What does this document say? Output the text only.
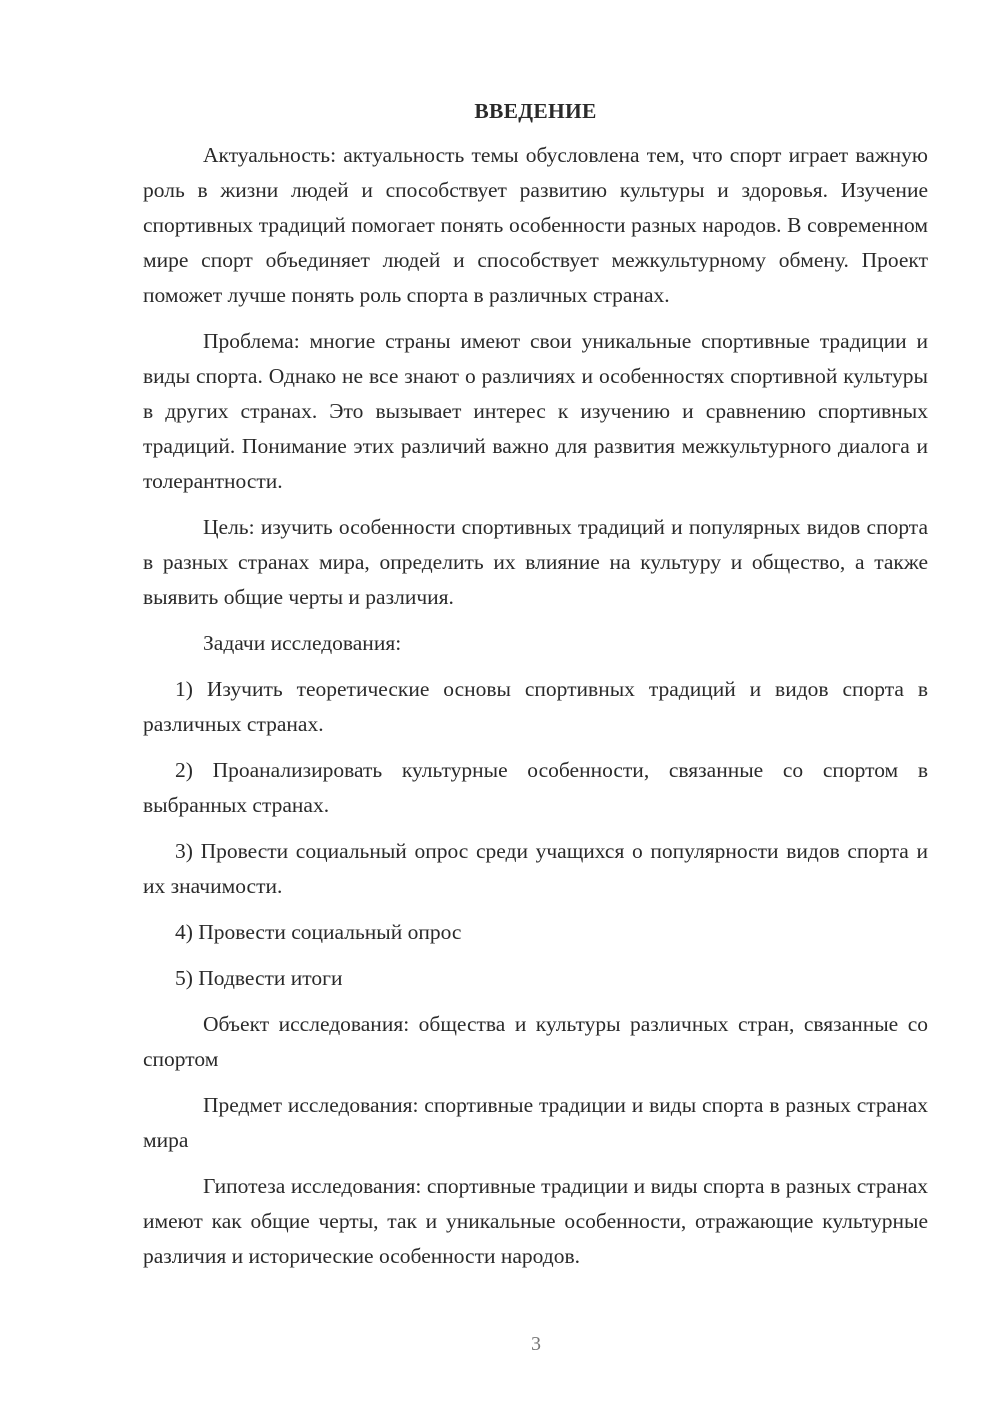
ВВЕДЕНИЕ

Актуальность: актуальность темы обусловлена тем, что спорт играет важную роль в жизни людей и способствует развитию культуры и здоровья. Изучение спортивных традиций помогает понять особенности разных народов. В современном мире спорт объединяет людей и способствует межкультурному обмену. Проект поможет лучше понять роль спорта в различных странах.

Проблема: многие страны имеют свои уникальные спортивные традиции и виды спорта. Однако не все знают о различиях и особенностях спортивной культуры в других странах. Это вызывает интерес к изучению и сравнению спортивных традиций. Понимание этих различий важно для развития межкультурного диалога и толерантности.

Цель: изучить особенности спортивных традиций и популярных видов спорта в разных странах мира, определить их влияние на культуру и общество, а также выявить общие черты и различия.

Задачи исследования:

1) Изучить теоретические основы спортивных традиций и видов спорта в различных странах.

2) Проанализировать культурные особенности, связанные со спортом в выбранных странах.

3) Провести социальный опрос среди учащихся о популярности видов спорта и их значимости.

4) Провести социальный опрос

5) Подвести итоги

Объект исследования: общества и культуры различных стран, связанные со спортом

Предмет исследования: спортивные традиции и виды спорта в разных странах мира

Гипотеза исследования: спортивные традиции и виды спорта в разных странах имеют как общие черты, так и уникальные особенности, отражающие культурные различия и исторические особенности народов.

3
